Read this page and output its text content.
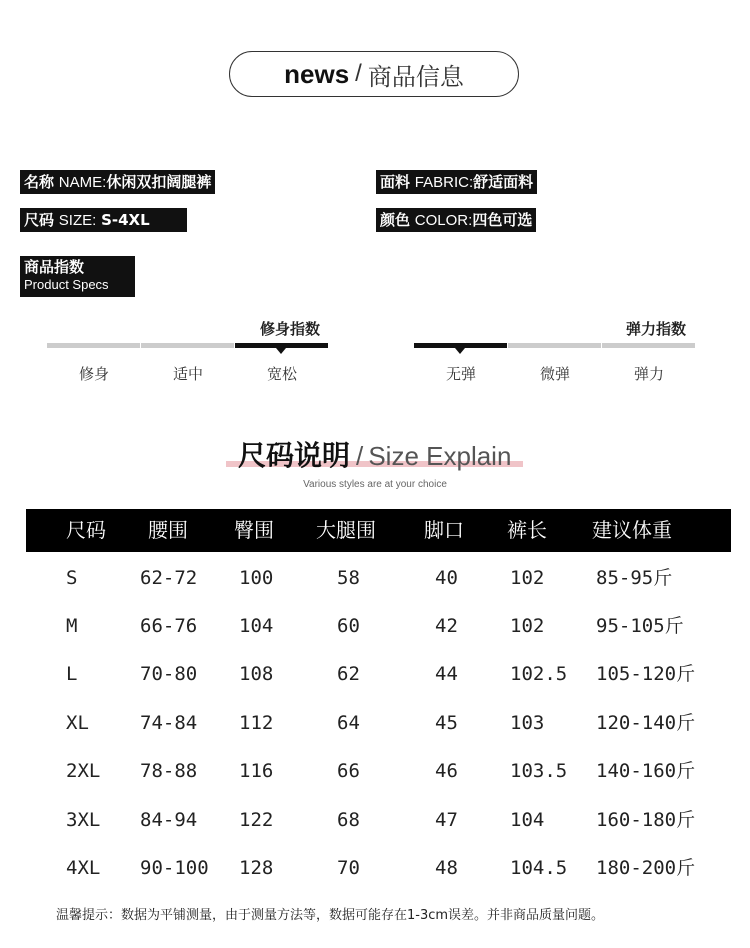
news / 商品信息
名称 NAME:休闲双扣阔腿裤
尺码 SIZE: S-4XL
面料 FABRIC:舒适面料
颜色 COLOR:四色可选
商品指数
Product Specs
修身指数
修身	适中	宽松
弹力指数
无弹	微弹	弹力
尺码说明 / Size Explain
Various styles are at your choice
尺码 腰围 臀围 大腿围 脚口 裤长 建议体重
S	62-72 100	58	40	102	85-95斤
M	66-76 104	60	42	102	95-105斤
L	70-80 108	62	44	102.5 105-120斤
XL	74-84 112	64	45	103	120-140斤
2XL 78-88 116	66	46	103.5 140-160斤
3XL 84-94 122	68	47	104	160-180斤
4XL 90-100 128	70	48	104.5 180-200斤
温馨提示：数据为平铺测量，由于测量方法等，数据可能存在1-3cm误差。并非商品质量问题。
